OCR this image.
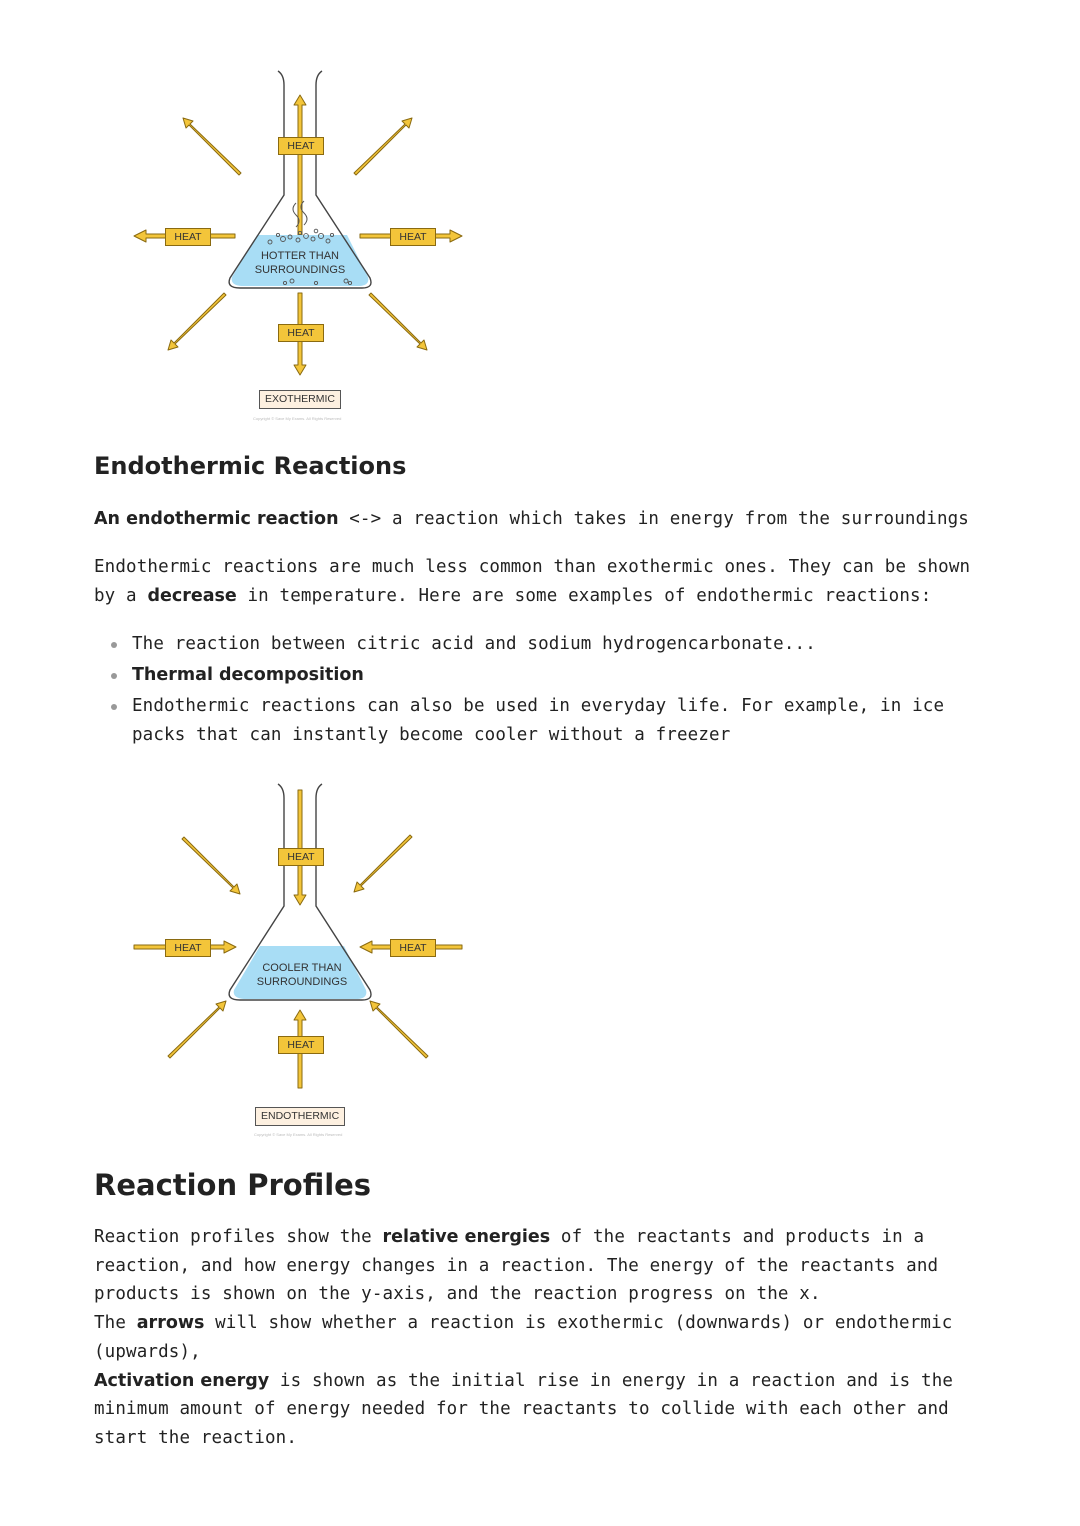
HEAT
HEAT	HEAT
HEAT
HOTTER THAN
SURROUNDINGS
EXOTHERMIC
Copyright © Save My Exams. All Rights Reserved
Endothermic Reactions

An endothermic reaction <-> a reaction which takes in energy from the surroundings

Endothermic reactions are much less common than exothermic ones. They can be shown by a decrease in temperature. Here are some examples of endothermic reactions:

The reaction between citric acid and sodium hydrogencarbonate...
Thermal decomposition
Endothermic reactions can also be used in everyday life. For example, in ice packs that can instantly become cooler without a freezer
HEAT
HEAT	HEAT
HEAT
COOLER THAN
SURROUNDINGS
ENDOTHERMIC
Copyright © Save My Exams. All Rights Reserved
Reaction Profiles

Reaction profiles show the relative energies of the reactants and products in a reaction, and how energy changes in a reaction. The energy of the reactants and products is shown on the y-axis, and the reaction progress on the x.
The arrows will show whether a reaction is exothermic (downwards) or endothermic (upwards),
Activation energy is shown as the initial rise in energy in a reaction and is the minimum amount of energy needed for the reactants to collide with each other and start the reaction.
